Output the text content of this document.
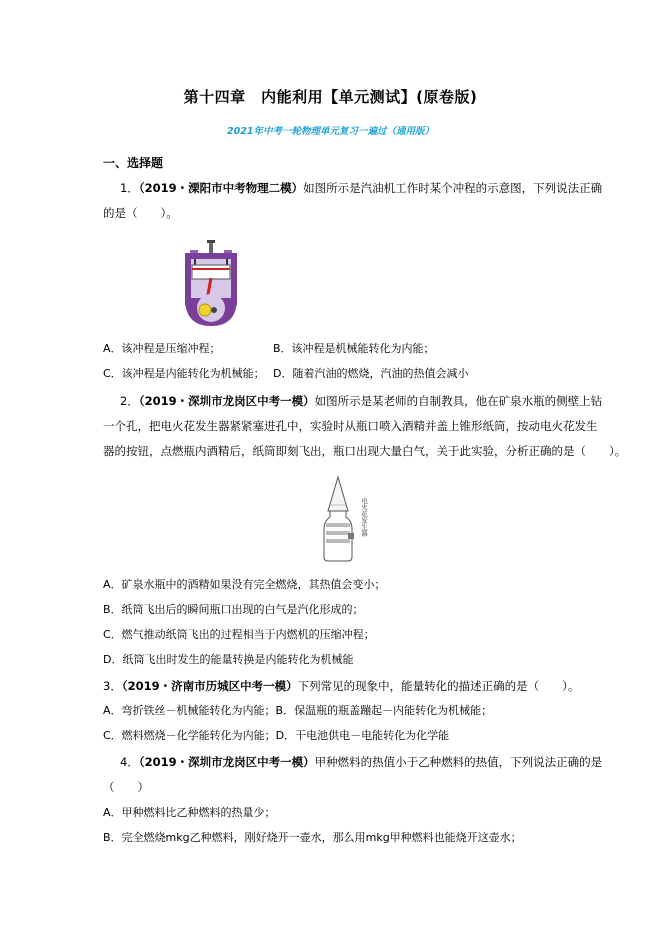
第十四章　内能利用【单元测试】(原卷版)
2021年中考一轮物理单元复习一遍过（通用版）
一、选择题
1．（2019・溧阳市中考物理二模）如图所示是汽油机工作时某个冲程的示意图，下列说法正确
的是（　　）。
A．该冲程是压缩冲程；	B．该冲程是机械能转化为内能；
C．该冲程是内能转化为机械能； D．随着汽油的燃烧，汽油的热值会减小
2．（2019・深圳市龙岗区中考一模）如图所示是某老师的自制教具，他在矿泉水瓶的侧壁上钻
一个孔，把电火花发生器紧紧塞进孔中，实验时从瓶口喷入酒精并盖上锥形纸筒，按动电火花发生
器的按钮，点燃瓶内酒精后，纸筒即刻飞出，瓶口出现大量白气，关于此实验，分析正确的是（　　）。
电火花发生器
A．矿泉水瓶中的酒精如果没有完全燃烧，其热值会变小；
B．纸筒飞出后的瞬间瓶口出现的白气是汽化形成的；
C．燃气推动纸筒飞出的过程相当于内燃机的压缩冲程；
D．纸筒飞出时发生的能量转换是内能转化为机械能
3．（2019・济南市历城区中考一模）下列常见的现象中，能量转化的描述正确的是（　　）。
A．弯折铁丝－机械能转化为内能；B．保温瓶的瓶盖蹦起－内能转化为机械能；
C．燃料燃烧－化学能转化为内能；D．干电池供电－电能转化为化学能
4．（2019・深圳市龙岗区中考一模）甲种燃料的热值小于乙种燃料的热值，下列说法正确的是
（　　）
A．甲种燃料比乙种燃料的热量少；
B．完全燃烧mkg乙种燃料，刚好烧开一壶水，那么用mkg甲种燃料也能烧开这壶水；
